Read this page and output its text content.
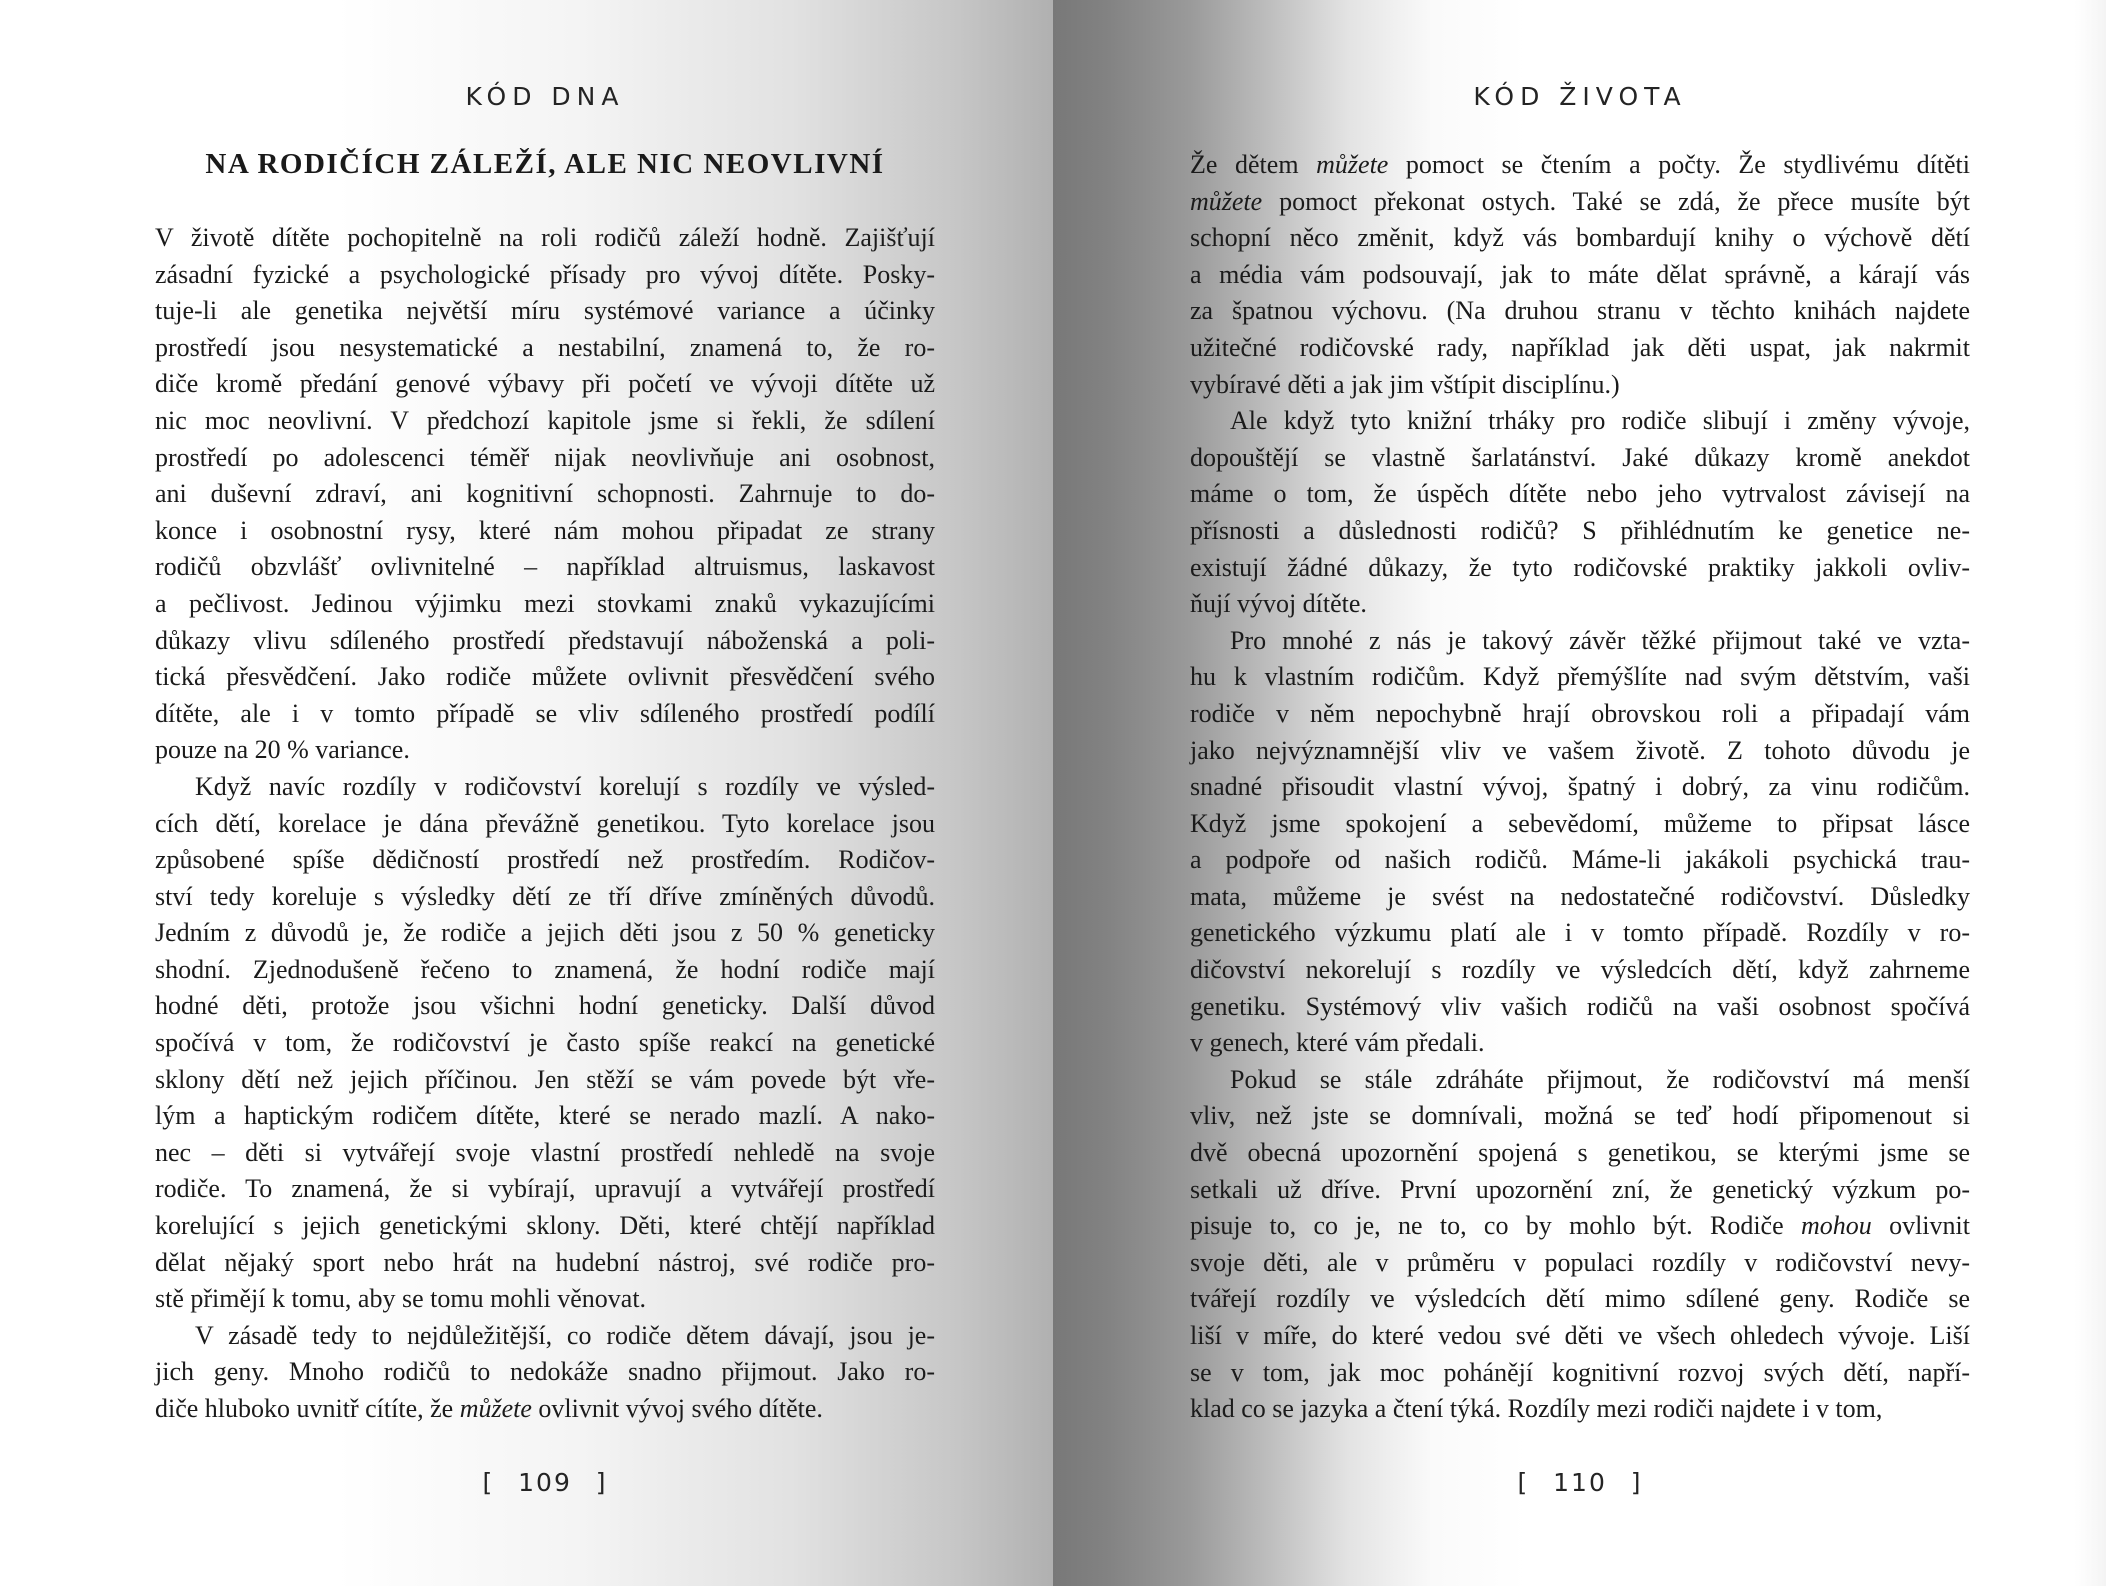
KÓD DNA
NA RODIČÍCH ZÁLEŽÍ, ALE NIC NEOVLIVNÍ
V životě dítěte pochopitelně na roli rodičů záleží hodně. Zajišťují
zásadní fyzické a psychologické přísady pro vývoj dítěte. Posky-
tuje-li ale genetika největší míru systémové variance a účinky
prostředí jsou nesystematické a nestabilní, znamená to, že ro-
diče kromě předání genové výbavy při početí ve vývoji dítěte už
nic moc neovlivní. V předchozí kapitole jsme si řekli, že sdílení
prostředí po adolescenci téměř nijak neovlivňuje ani osobnost,
ani duševní zdraví, ani kognitivní schopnosti. Zahrnuje to do-
konce i osobnostní rysy, které nám mohou připadat ze strany
rodičů obzvlášť ovlivnitelné – například altruismus, laskavost
a pečlivost. Jedinou výjimku mezi stovkami znaků vykazujícími
důkazy vlivu sdíleného prostředí představují náboženská a poli-
tická přesvědčení. Jako rodiče můžete ovlivnit přesvědčení svého
dítěte, ale i v tomto případě se vliv sdíleného prostředí podílí
pouze na 20 % variance.
Když navíc rozdíly v rodičovství korelují s rozdíly ve výsled-
cích dětí, korelace je dána převážně genetikou. Tyto korelace jsou
způsobené spíše dědičností prostředí než prostředím. Rodičov-
ství tedy koreluje s výsledky dětí ze tří dříve zmíněných důvodů.
Jedním z důvodů je, že rodiče a jejich děti jsou z 50 % geneticky
shodní. Zjednodušeně řečeno to znamená, že hodní rodiče mají
hodné děti, protože jsou všichni hodní geneticky. Další důvod
spočívá v tom, že rodičovství je často spíše reakcí na genetické
sklony dětí než jejich příčinou. Jen stěží se vám povede být vře-
lým a haptickým rodičem dítěte, které se nerado mazlí. A nako-
nec – děti si vytvářejí svoje vlastní prostředí nehledě na svoje
rodiče. To znamená, že si vybírají, upravují a vytvářejí prostředí
korelující s jejich genetickými sklony. Děti, které chtějí například
dělat nějaký sport nebo hrát na hudební nástroj, své rodiče pro-
stě přimějí k tomu, aby se tomu mohli věnovat.
V zásadě tedy to nejdůležitější, co rodiče dětem dávají, jsou je-
jich geny. Mnoho rodičů to nedokáže snadno přijmout. Jako ro-
diče hluboko uvnitř cítíte, že můžete ovlivnit vývoj svého dítěte.
[ 109 ]
KÓD ŽIVOTA
Že dětem můžete pomoct se čtením a počty. Že stydlivému dítěti
můžete pomoct překonat ostych. Také se zdá, že přece musíte být
schopní něco změnit, když vás bombardují knihy o výchově dětí
a média vám podsouvají, jak to máte dělat správně, a kárají vás
za špatnou výchovu. (Na druhou stranu v těchto knihách najdete
užitečné rodičovské rady, například jak děti uspat, jak nakrmit
vybíravé děti a jak jim vštípit disciplínu.)
Ale když tyto knižní trháky pro rodiče slibují i změny vývoje,
dopouštějí se vlastně šarlatánství. Jaké důkazy kromě anekdot
máme o tom, že úspěch dítěte nebo jeho vytrvalost závisejí na
přísnosti a důslednosti rodičů? S přihlédnutím ke genetice ne-
existují žádné důkazy, že tyto rodičovské praktiky jakkoli ovliv-
ňují vývoj dítěte.
Pro mnohé z nás je takový závěr těžké přijmout také ve vzta-
hu k vlastním rodičům. Když přemýšlíte nad svým dětstvím, vaši
rodiče v něm nepochybně hrají obrovskou roli a připadají vám
jako nejvýznamnější vliv ve vašem životě. Z tohoto důvodu je
snadné přisoudit vlastní vývoj, špatný i dobrý, za vinu rodičům.
Když jsme spokojení a sebevědomí, můžeme to připsat lásce
a podpoře od našich rodičů. Máme-li jakákoli psychická trau-
mata, můžeme je svést na nedostatečné rodičovství. Důsledky
genetického výzkumu platí ale i v tomto případě. Rozdíly v ro-
dičovství nekorelují s rozdíly ve výsledcích dětí, když zahrneme
genetiku. Systémový vliv vašich rodičů na vaši osobnost spočívá
v genech, které vám předali.
Pokud se stále zdráháte přijmout, že rodičovství má menší
vliv, než jste se domnívali, možná se teď hodí připomenout si
dvě obecná upozornění spojená s genetikou, se kterými jsme se
setkali už dříve. První upozornění zní, že genetický výzkum po-
pisuje to, co je, ne to, co by mohlo být. Rodiče mohou ovlivnit
svoje děti, ale v průměru v populaci rozdíly v rodičovství nevy-
tvářejí rozdíly ve výsledcích dětí mimo sdílené geny. Rodiče se
liší v míře, do které vedou své děti ve všech ohledech vývoje. Liší
se v tom, jak moc pohánějí kognitivní rozvoj svých dětí, napří-
klad co se jazyka a čtení týká. Rozdíly mezi rodiči najdete i v tom,
[ 110 ]
